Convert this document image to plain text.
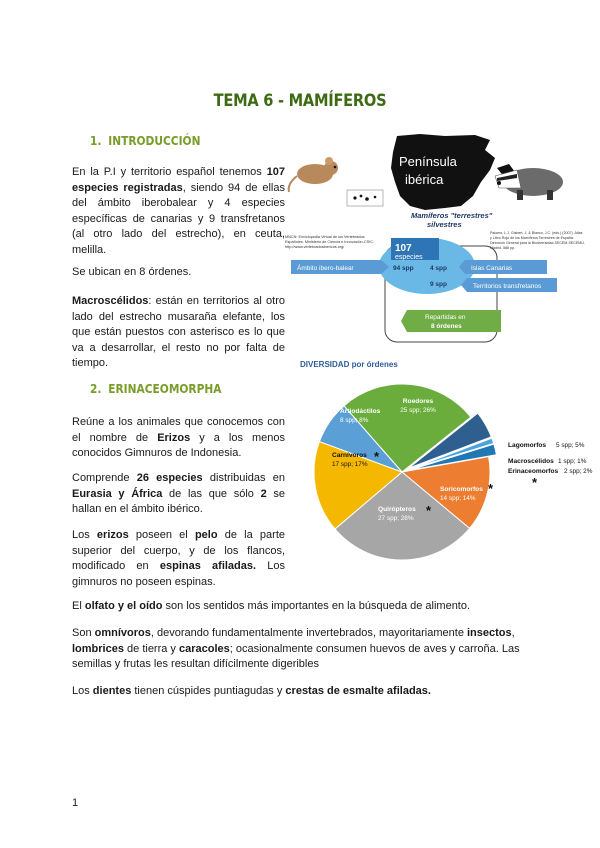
TEMA 6 - MAMÍFEROS
1. INTRODUCCIÓN
En la P.I y territorio español tenemos 107 especies registradas, siendo 94 de ellas del ámbito iberobalear y 4 especies específicas de canarias y 9 transfretanos (al otro lado del estrecho), en ceuta, melilla.
Se ubican en 8 órdenes.
Macroscélidos: están en territorios al otro lado del estrecho musaraña elefante, los que están puestos con asterisco es lo que va a desarrollar, el resto no por falta de tiempo.
2. ERINACEOMORPHA
Reúne a los animales que conocemos con el nombre de Erizos y a los menos conocidos Gimnuros de Indonesia.
Comprende 26 especies distribuidas en Eurasia y África de las que sólo 2 se hallan en el ámbito ibérico.
Los erizos poseen el pelo de la parte superior del cuerpo, y de los flancos, modificado en espinas afiladas. Los gimnuros no poseen espinas.
El olfato y el oído son los sentidos más importantes en la búsqueda de alimento.
Son omnívoros, devorando fundamentalmente invertebrados, mayoritariamente insectos, lombrices de tierra y caracoles; ocasionalmente consumen huevos de aves y carroña. Las semillas y frutas les resultan difícilmente digeribles
Los dientes tienen cúspides puntiagudas y crestas de esmalte afiladas.
1
Península
ibérica
Mamíferos "terrestres"
silvestres
MNCN: Enciclopedia Virtual de los Vertebrados
Españoles. Ministerio de Ciencia e Innovación-CSIC.
http://www.vertebradosibericos.org/
Palomo, L.J, Gisbert, J. & Blanco, J.C. (eds.) (2007). Atlas
y Libro Rojo de los Mamíferos Terrestres de España.
Dirección General para la Biodiversidad-SECEM-SECEMU.
Madrid. 588 pp.
107
especies
94 spp	4 spp
9 spp
Ámbito ibero-balear	Islas Canarias
Territorios transfretanos
Repartidas en
8 órdenes
DIVERSIDAD por órdenes
Roedores
25 spp; 26%
Lagomorfos 5 spp; 5%
Macroscélidos 1 spp; 1%
Erinaceomorfos 2 spp; 2%
*
Soricomorfos
14 spp; 14%
*
Quirópteros
27 spp; 28%
*
Carnívoros
17 spp; 17%
*
Artiodáctilos
8 spp; 8%
